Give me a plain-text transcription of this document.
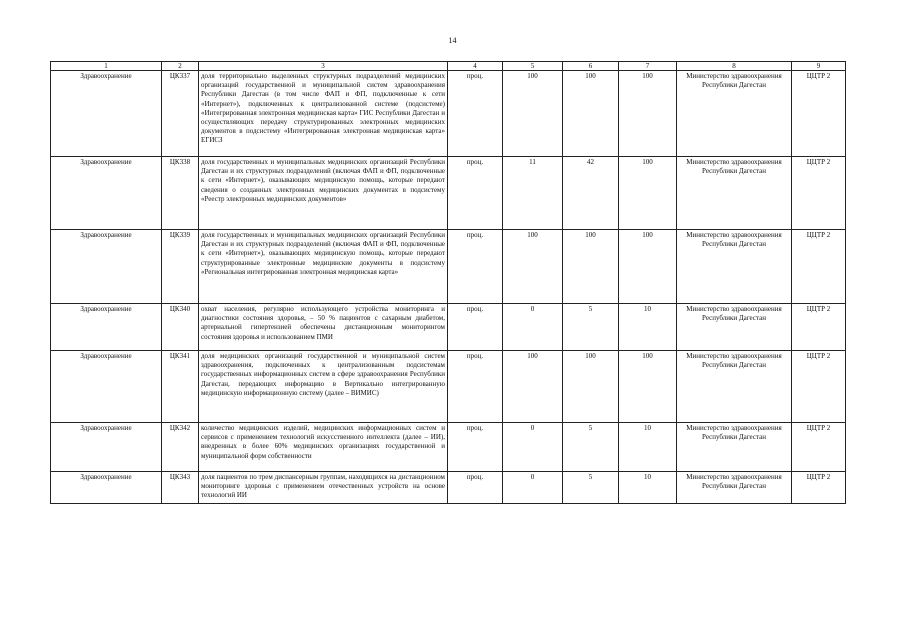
14
1	2	3	4	5	6	7	8	9
Здравоохранение	ЦК337	доля территориально выделенных структурных подразделений медицинских организаций государственной и муниципальной систем здравоохранения Республики Дагестан (в том числе ФАП и ФП, подключенные к сети «Интернет»), подключенных к централизованной системе (подсистеме) «Интегрированная электронная медицинская карта» ГИС Республики Дагестан и осуществляющих передачу структурированных электронных медицинских документов в подсистему «Интегрированная электронная медицинская карта» ЕГИСЗ	проц.	100	100	100	Министерство здравоохранения Республики Дагестан	ЦЦТР 2
Здравоохранение	ЦК338	доля государственных и муниципальных медицинских организаций Республики Дагестан и их структурных подразделений (включая ФАП и ФП, подключенные к сети «Интернет»), оказывающих медицинскую помощь, которые передают сведения о созданных электронных медицинских документах в подсистему «Реестр электронных медицинских документов»	проц.	11	42	100	Министерство здравоохранения Республики Дагестан	ЦЦТР 2
Здравоохранение	ЦК339	доля государственных и муниципальных медицинских организаций Республики Дагестан и их структурных подразделений (включая ФАП и ФП, подключенные к сети «Интернет»), оказывающих медицинскую помощь, которые передают структурированные электронные медицинские документы в подсистему «Региональная интегрированная электронная медицинская карта»	проц.	100	100	100	Министерство здравоохранения Республики Дагестан	ЦЦТР 2
Здравоохранение	ЦК340	охват населения, регулярно использующего устройства мониторинга и диагностики состояния здоровья, – 50 % пациентов с сахарным диабетом, артериальной гипертензией обеспечены дистанционным мониторингом состояния здоровья и использованием ПМИ	проц.	0	5	10	Министерство здравоохранения Республики Дагестан	ЦЦТР 2
Здравоохранение	ЦК341	доля медицинских организаций государственной и муниципальной систем здравоохранения, подключенных к централизованным подсистемам государственных информационных систем в сфере здравоохранения Республики Дагестан, передающих информацию в Вертикально интегрированную медицинскую информационную систему (далее – ВИМИС)	проц.	100	100	100	Министерство здравоохранения Республики Дагестан	ЦЦТР 2
Здравоохранение	ЦК342	количество медицинских изделий, медицинских информационных систем и сервисов с применением технологий искусственного интеллекта (далее – ИИ), внедренных в более 60% медицинских организациях государственной и муниципальной форм собственности	проц.	0	5	10	Министерство здравоохранения Республики Дагестан	ЦЦТР 2
Здравоохранение	ЦК343	доля пациентов по трем диспансерным группам, находящихся на дистанционном мониторинге здоровья с применением отечественных устройств на основе технологий ИИ	проц.	0	5	10	Министерство здравоохранения Республики Дагестан	ЦЦТР 2
